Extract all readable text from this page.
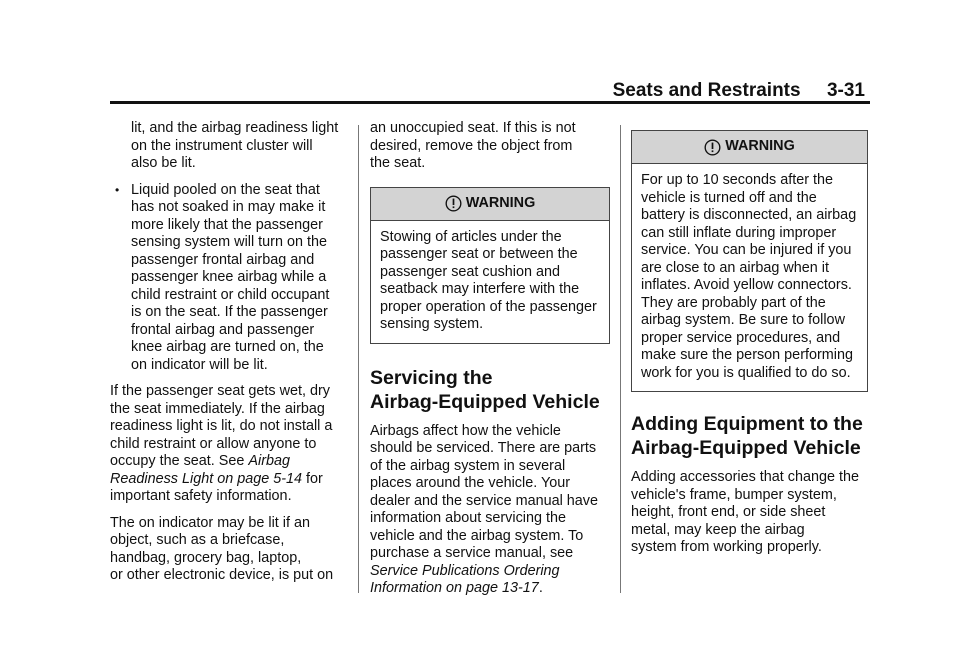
Seats and Restraints     3-31
lit, and the airbag readiness light
on the instrument cluster will
also be lit.
• Liquid pooled on the seat that
has not soaked in may make it
more likely that the passenger
sensing system will turn on the
passenger frontal airbag and
passenger knee airbag while a
child restraint or child occupant
is on the seat. If the passenger
frontal airbag and passenger
knee airbag are turned on, the
on indicator will be lit.

If the passenger seat gets wet, dry
the seat immediately. If the airbag
readiness light is lit, do not install a
child restraint or allow anyone to
occupy the seat. See Airbag
Readiness Light on page 5-14 for
important safety information.

The on indicator may be lit if an
object, such as a briefcase,
handbag, grocery bag, laptop,
or other electronic device, is put on

an unoccupied seat. If this is not
desired, remove the object from
the seat.

WARNING
Stowing of articles under the
passenger seat or between the
passenger seat cushion and
seatback may interfere with the
proper operation of the passenger
sensing system.
Servicing the
Airbag-Equipped Vehicle

Airbags affect how the vehicle
should be serviced. There are parts
of the airbag system in several
places around the vehicle. Your
dealer and the service manual have
information about servicing the
vehicle and the airbag system. To
purchase a service manual, see
Service Publications Ordering
Information on page 13-17.

WARNING
For up to 10 seconds after the
vehicle is turned off and the
battery is disconnected, an airbag
can still inflate during improper
service. You can be injured if you
are close to an airbag when it
inflates. Avoid yellow connectors.
They are probably part of the
airbag system. Be sure to follow
proper service procedures, and
make sure the person performing
work for you is qualified to do so.
Adding Equipment to the
Airbag-Equipped Vehicle

Adding accessories that change the
vehicle's frame, bumper system,
height, front end, or side sheet
metal, may keep the airbag
system from working properly.
